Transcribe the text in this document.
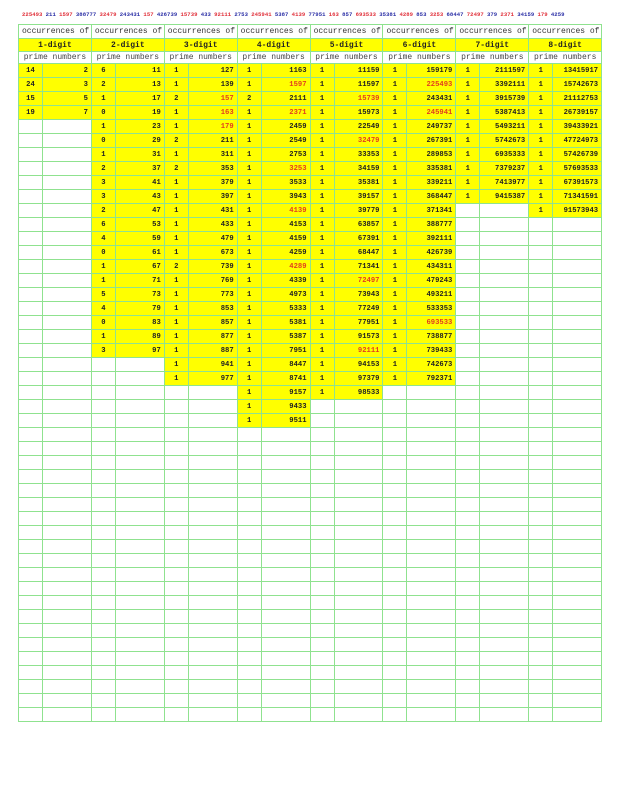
225493 211 1597 388777 32479 243431 157 426739 15739 433 92111 2753 245941 5387 4139 77951 163 857 693533 35381 4289 853 3253 68447 72497 379 2371 34159 179 4259
occurrences of		occurrences of		occurrences of		occurrences of		occurrences of		occurrences of		occurrences of		occurrences of	
1-digit		2-digit		3-digit		4-digit		5-digit		6-digit		7-digit		8-digit	
prime numbers		prime numbers		prime numbers		prime numbers		prime numbers		prime numbers		prime numbers		prime numbers	
14	2	6	11	1	127	1	1163	1	11159	1	159179	1	2111597	1	13415917
24	3	2	13	1	139	1	1597	1	11597	1	225493	1	3392111	1	15742673
15	5	1	17	2	157	2	2111	1	15739	1	243431	1	3915739	1	21112753
19	7	0	19	1	163	1	2371	1	15973	1	245941	1	5387413	1	26739157
		1	23	1	179	1	2459	1	22549	1	249737	1	5493211	1	39433921
		0	29	2	211	1	2549	1	32479	1	267391	1	5742673	1	47724973
		1	31	1	311	1	2753	1	33353	1	289853	1	6935333	1	57426739
		2	37	2	353	1	3253	1	34159	1	335381	1	7379237	1	57693533
		3	41	1	379	1	3533	1	35381	1	339211	1	7413977	1	67391573
		3	43	1	397	1	3943	1	39157	1	368447	1	9415387	1	71341591
		2	47	1	431	1	4139	1	39779	1	371341			1	91573943
		6	53	1	433	1	4153	1	63857	1	388777				
		4	59	1	479	1	4159	1	67391	1	392111				
		0	61	1	673	1	4259	1	68447	1	426739				
		1	67	2	739	1	4289	1	71341	1	434311				
		1	71	1	769	1	4339	1	72497	1	479243				
		5	73	1	773	1	4973	1	73943	1	493211				
		4	79	1	853	1	5333	1	77249	1	533353				
		0	83	1	857	1	5381	1	77951	1	693533				
		1	89	1	877	1	5387	1	91573	1	738877				
		3	97	1	887	1	7951	1	92111	1	739433				
				1	941	1	8447	1	94153	1	742673				
				1	977	1	8741	1	97379	1	792371				
						1	9157	1	98533						
						1	9433								
						1	9511								
